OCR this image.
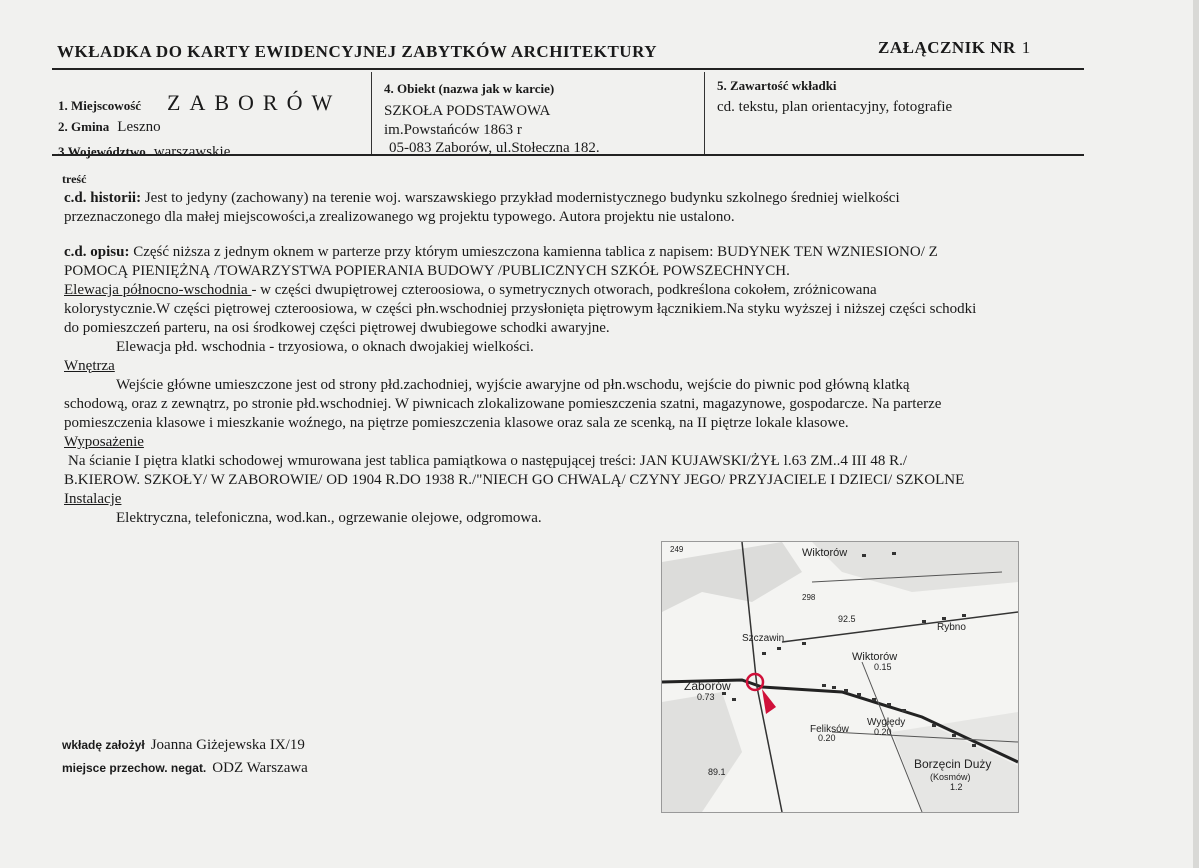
WKŁADKA DO KARTY EWIDENCYJNEJ ZABYTKÓW ARCHITEKTURY	ZAŁĄCZNIK NR 1
1. Miejscowość ZABORÓW
2. Gmina Leszno
3.Województwo warszawskie
4. Obiekt (nazwa jak w karcie)
SZKOŁA PODSTAWOWA
im.Powstańców 1863 r
05-083 Zaborów, ul.Stołeczna 182.
5. Zawartość wkładki
cd. tekstu, plan orientacyjny, fotografie
treść
c.d. historii: Jest to jedyny (zachowany) na terenie woj. warszawskiego przykład modernistycznego budynku szkolnego średniej wielkości
przeznaczonego dla małej miejscowości,a zrealizowanego wg projektu typowego. Autora projektu nie ustalono.
c.d. opisu: Część niższa z jednym oknem w parterze przy którym umieszczona kamienna tablica z napisem: BUDYNEK TEN WZNIESIONO/ Z
POMOCĄ PIENIĘŻNĄ /TOWARZYSTWA POPIERANIA BUDOWY /PUBLICZNYCH SZKÓŁ POWSZECHNYCH.
Elewacja północno-wschodnia - w części dwupiętrowej czteroosiowa, o symetrycznych otworach, podkreślona cokołem, zróżnicowana
kolorystycznie.W części piętrowej czteroosiowa, w części płn.wschodniej przysłonięta piętrowym łącznikiem.Na styku wyższej i niższej części schodki
do pomieszczeń parteru, na osi środkowej części piętrowej dwubiegowe schodki awaryjne.
Elewacja płd. wschodnia - trzyosiowa, o oknach dwojakiej wielkości.
Wnętrza
Wejście główne umieszczone jest od strony płd.zachodniej, wyjście awaryjne od płn.wschodu, wejście do piwnic pod główną klatką
schodową, oraz z zewnątrz, po stronie płd.wschodniej. W piwnicach zlokalizowane pomieszczenia szatni, magazynowe, gospodarcze. Na parterze
pomieszczenia klasowe i mieszkanie woźnego, na piętrze pomieszczenia klasowe oraz sala ze scenką, na II piętrze lokale klasowe.
Wyposażenie
Na ścianie I piętra klatki schodowej wmurowana jest tablica pamiątkowa o następującej treści: JAN KUJAWSKI/ŻYŁ l.63 ZM..4 III 48 R./
B.KIEROW. SZKOŁY/ W ZABOROWIE/ OD 1904 R.DO 1938 R./"NIECH GO CHWALĄ/ CZYNY JEGO/ PRZYJACIELE I DZIECI/ SZKOLNE
Instalacje
Elektryczna, telefoniczna, wod.kan., ogrzewanie olejowe, odgromowa.
Wiktorów
Szczawin
Rybno
Wiktorów
0.15
Zaborów
0.73
Feliksów
0.20
Wygłędy
0.20
Borzęcin Duży
(Kosmów)
1.2
92.5
89.1
298
249
wkładę założył Joanna Giżejewska IX/19
miejsce przechow. negat. ODZ Warszawa
